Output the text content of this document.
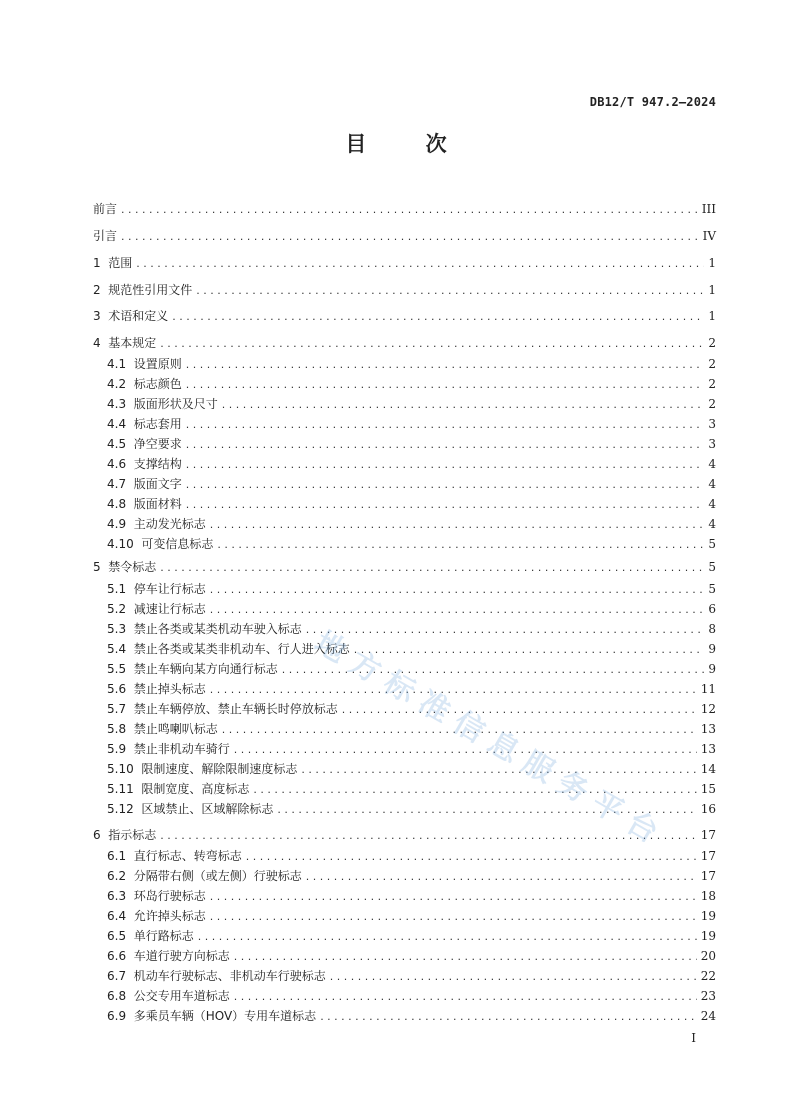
DB12/T 947.2—2024
目 次
前言 . . .	III
引言 . . .	IV
1 范围 . . .	1
2 规范性引用文件 . . .	1
3 术语和定义 . . .	1
4 基本规定 . . .	2
4.1 设置原则 . . .	2
4.2 标志颜色 . . .	2
4.3 版面形状及尺寸 . . .	2
4.4 标志套用 . . .	3
4.5 净空要求 . . .	3
4.6 支撑结构 . . .	4
4.7 版面文字 . . .	4
4.8 版面材料 . . .	4
4.9 主动发光标志 . . .	4
4.10 可变信息标志 . . .	5
5 禁令标志 . . .	5
5.1 停车让行标志 . . .	5
5.2 减速让行标志 . . .	6
5.3 禁止各类或某类机动车驶入标志 . . .	8
5.4 禁止各类或某类非机动车、行人进入标志 . . .	9
5.5 禁止车辆向某方向通行标志 . . .	9
5.6 禁止掉头标志 . . .	11
5.7 禁止车辆停放、禁止车辆长时停放标志 . . .	12
5.8 禁止鸣喇叭标志 . . .	13
5.9 禁止非机动车骑行 . . .	13
5.10 限制速度、解除限制速度标志 . . .	14
5.11 限制宽度、高度标志 . . .	15
5.12 区域禁止、区域解除标志 . . .	16
6 指示标志 . . .	17
6.1 直行标志、转弯标志 . . .	17
6.2 分隔带右侧（或左侧）行驶标志 . . .	17
6.3 环岛行驶标志 . . .	18
6.4 允许掉头标志 . . .	19
6.5 单行路标志 . . .	19
6.6 车道行驶方向标志 . . .	20
6.7 机动车行驶标志、非机动车行驶标志 . . .	22
6.8 公交专用车道标志 . . .	23
6.9 多乘员车辆（HOV）专用车道标志 . . .	24
地方标准信息服务平台
I
